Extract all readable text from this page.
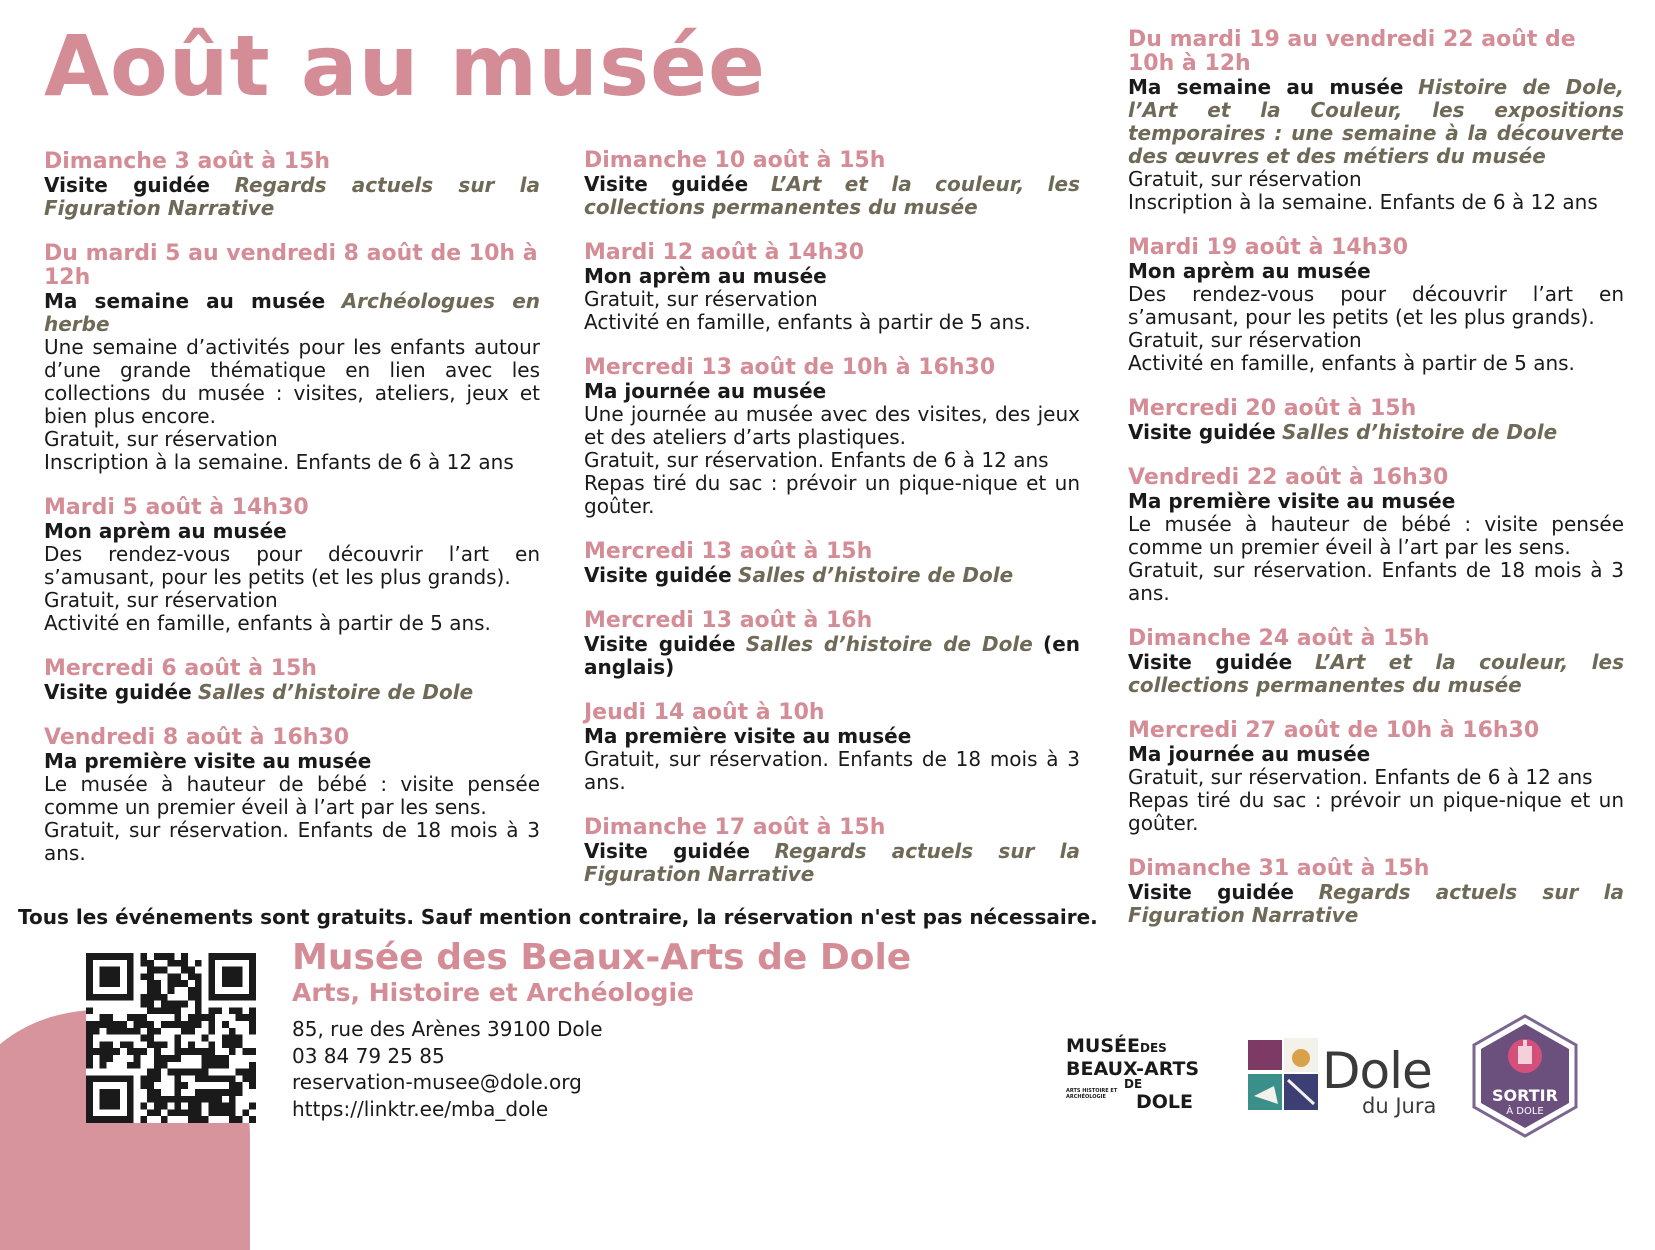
Août au musée
Dimanche 3 août à 15h
Visite guidée Regards actuels sur la Figuration Narrative
Du mardi 5 au vendredi 8 août de 10h à 12h
Ma semaine au musée Archéologues en herbe
Une semaine d’activités pour les enfants autour d’une grande thématique en lien avec les collections du musée : visites, ateliers, jeux et bien plus encore.
Gratuit, sur réservation
Inscription à la semaine. Enfants de 6 à 12 ans
Mardi 5 août à 14h30
Mon aprèm au musée
Des rendez-vous pour découvrir l’art en s’amusant, pour les petits (et les plus grands).
Gratuit, sur réservation
Activité en famille, enfants à partir de 5 ans.
Mercredi 6 août à 15h
Visite guidée Salles d’histoire de Dole
Vendredi 8 août à 16h30
Ma première visite au musée
Le musée à hauteur de bébé : visite pensée comme un premier éveil à l’art par les sens.
Gratuit, sur réservation. Enfants de 18 mois à 3 ans.
Dimanche 10 août à 15h
Visite guidée L’Art et la couleur, les collections permanentes du musée
Mardi 12 août à 14h30
Mon aprèm au musée
Gratuit, sur réservation
Activité en famille, enfants à partir de 5 ans.
Mercredi 13 août de 10h à 16h30
Ma journée au musée
Une journée au musée avec des visites, des jeux et des ateliers d’arts plastiques.
Gratuit, sur réservation. Enfants de 6 à 12 ans
Repas tiré du sac : prévoir un pique-nique et un goûter.
Mercredi 13 août à 15h
Visite guidée Salles d’histoire de Dole
Mercredi 13 août à 16h
Visite guidée Salles d’histoire de Dole (en anglais)
Jeudi 14 août à 10h
Ma première visite au musée
Gratuit, sur réservation. Enfants de 18 mois à 3 ans.
Dimanche 17 août à 15h
Visite guidée Regards actuels sur la Figuration Narrative
Du mardi 19 au vendredi 22 août de 10h à 12h
Ma semaine au musée Histoire de Dole, l’Art et la Couleur, les expositions temporaires : une semaine à la découverte des œuvres et des métiers du musée
Gratuit, sur réservation
Inscription à la semaine. Enfants de 6 à 12 ans
Mardi 19 août à 14h30
Mon aprèm au musée
Des rendez-vous pour découvrir l’art en s’amusant, pour les petits (et les plus grands).
Gratuit, sur réservation
Activité en famille, enfants à partir de 5 ans.
Mercredi 20 août à 15h
Visite guidée Salles d’histoire de Dole
Vendredi 22 août à 16h30
Ma première visite au musée
Le musée à hauteur de bébé : visite pensée comme un premier éveil à l’art par les sens.
Gratuit, sur réservation. Enfants de 18 mois à 3 ans.
Dimanche 24 août à 15h
Visite guidée L’Art et la couleur, les collections permanentes du musée
Mercredi 27 août de 10h à 16h30
Ma journée au musée
Gratuit, sur réservation. Enfants de 6 à 12 ans
Repas tiré du sac : prévoir un pique-nique et un goûter.
Dimanche 31 août à 15h
Visite guidée Regards actuels sur la Figuration Narrative

Tous les événements sont gratuits. Sauf mention contraire, la réservation n'est pas nécessaire.

Musée des Beaux-Arts de Dole

Arts, Histoire et Archéologie

85, rue des Arènes 39100 Dole
03 84 79 25 85
reservation-musee@dole.org
https://linktr.ee/mba_dole
MUSÉEDES
BEAUX-ARTS
$^{DE}$
DOLE
ARTS HISTOIRE ET ARCHÉOLOGIE	Dole
du Jura	SORTIR
À DOLE
